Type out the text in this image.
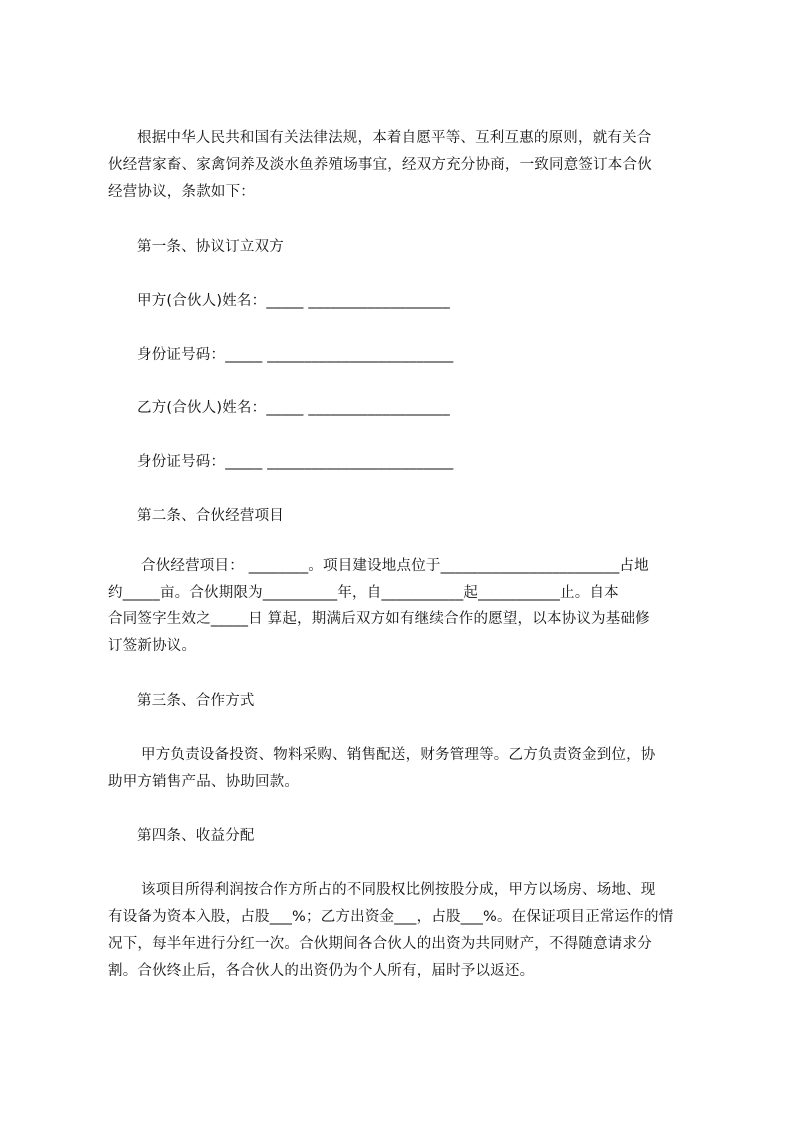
根据中华人民共和国有关法律法规，本着自愿平等、互利互惠的原则，就有关合
伙经营家畜、家禽饲养及淡水鱼养殖场事宜，经双方充分协商，一致同意签订本合伙
经营协议，条款如下：
第一条、协议订立双方
甲方(合伙人)姓名：_____ ___________________
身份证号码：_____ _________________________
乙方(合伙人)姓名：_____ ___________________
身份证号码：_____ _________________________
第二条、合伙经营项目
合伙经营项目： ________。项目建设地点位于________________________占地
约_____亩。合伙期限为__________年，自___________起___________止。自本
合同签字生效之_____日 算起，期满后双方如有继续合作的愿望，以本协议为基础修
订签新协议。
第三条、合作方式
甲方负责设备投资、物料采购、销售配送，财务管理等。乙方负责资金到位，协
助甲方销售产品、协助回款。
第四条、收益分配
该项目所得利润按合作方所占的不同股权比例按股分成，甲方以场房、场地、现
有设备为资本入股，占股___%；乙方出资金___，占股___%。在保证项目正常运作的情
况下，每半年进行分红一次。合伙期间各合伙人的出资为共同财产，不得随意请求分
割。合伙终止后，各合伙人的出资仍为个人所有，届时予以返还。
